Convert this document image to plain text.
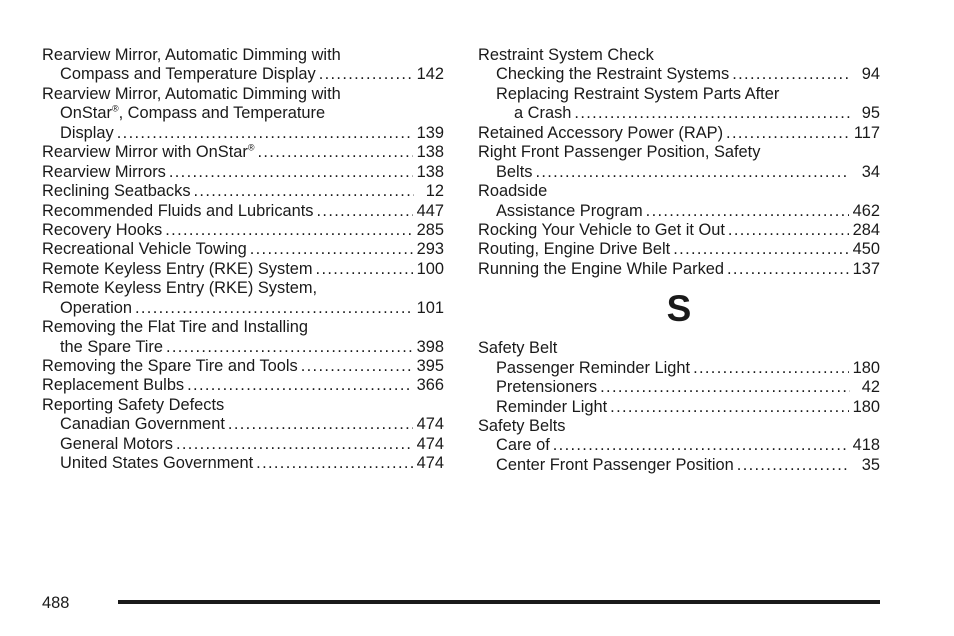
Rearview Mirror, Automatic Dimming with
Compass and Temperature Display . . .	142
Rearview Mirror, Automatic Dimming with
OnStar®, Compass and Temperature
Display . . .	139
Rearview Mirror with OnStar® . . .	138
Rearview Mirrors . . .	138
Reclining Seatbacks . . .	12
Recommended Fluids and Lubricants . . .	447
Recovery Hooks . . .	285
Recreational Vehicle Towing . . .	293
Remote Keyless Entry (RKE) System . . .	100
Remote Keyless Entry (RKE) System,
Operation . . .	101
Removing the Flat Tire and Installing
the Spare Tire . . .	398
Removing the Spare Tire and Tools . . .	395
Replacement Bulbs . . .	366
Reporting Safety Defects
Canadian Government . . .	474
General Motors . . .	474
United States Government . . .	474
Restraint System Check
Checking the Restraint Systems . . .	94
Replacing Restraint System Parts After
a Crash . . .	95
Retained Accessory Power (RAP) . . .	117
Right Front Passenger Position, Safety
Belts . . .	34
Roadside
Assistance Program . . .	462
Rocking Your Vehicle to Get it Out . . .	284
Routing, Engine Drive Belt . . .	450
Running the Engine While Parked . . .	137
S
Safety Belt
Passenger Reminder Light . . .	180
Pretensioners . . .	42
Reminder Light . . .	180
Safety Belts
Care of . . .	418
Center Front Passenger Position . . .	35
488
